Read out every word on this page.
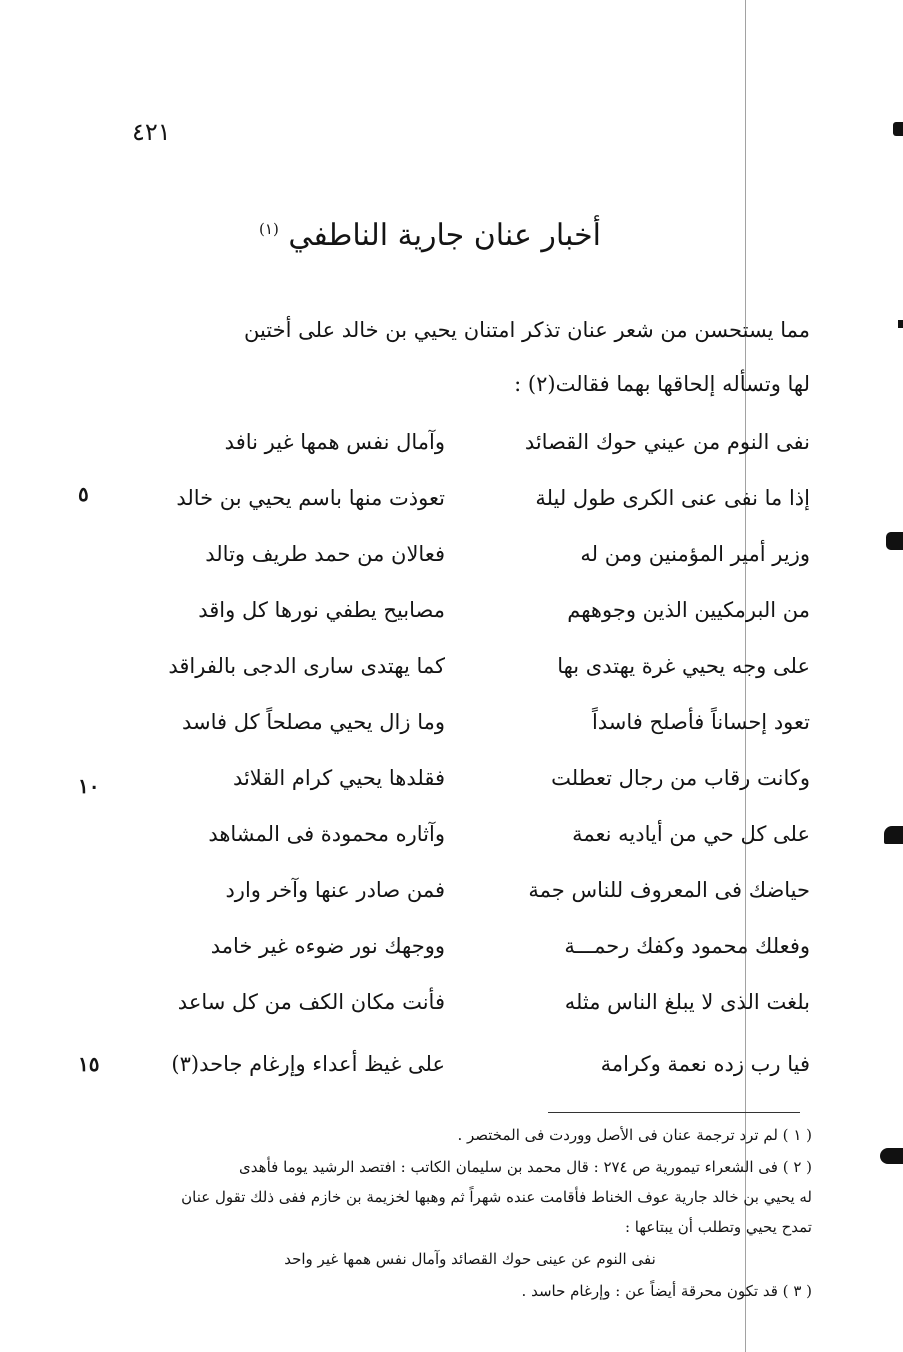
٤٢١
أخبار عنان جارية الناطفي $^{(١)}$
مما يستحسن من شعر عنان تذكر امتنان يحيي بن خالد على أختين
لها وتسأله إلحاقها بهما فقالت(٢) :
نفى النوم من عيني حوك القصائد
وآمال نفس همها غير نافد
إذا ما نفى عنى الكرى طول ليلة
تعوذت منها باسم يحيي بن خالد
وزير أمير المؤمنين ومن له
فعالان من حمد طريف وتالد
من البرمكيين الذين وجوههم
مصابيح يطفي نورها كل واقد
على وجه يحيي غرة يهتدى بها
كما يهتدى سارى الدجى بالفراقد
تعود إحساناً فأصلح فاسداً
وما زال يحيي مصلحاً كل فاسد
وكانت رقاب من رجال تعطلت
فقلدها يحيي كرام القلائد
على كل حي من أياديه نعمة
وآثاره محمودة فى المشاهد
حياضك فى المعروف للناس جمة
فمن صادر عنها وآخر وارد
وفعلك محمود وكفك رحمـــة
ووجهك نور ضوءه غير خامد
بلغت الذى لا يبلغ الناس مثله
فأنت مكان الكف من كل ساعد
فيا رب زده نعمة وكرامة
على غيظ أعداء وإرغام جاحد(٣)
٥
١٠
١٥
( ١ ) لم ترد ترجمة عنان فى الأصل ووردت فى المختصر .
( ٢ ) فى الشعراء تيمورية ص ٢٧٤ : قال محمد بن سليمان الكاتب : افتصد الرشيد يوما فأهدى
له يحيي بن خالد جارية عوف الخناط فأقامت عنده شهراً ثم وهبها لخزيمة بن خازم ففى ذلك تقول عنان
تمدح يحيي وتطلب أن يبتاعها :
نفى النوم عن عينى حوك القصائد وآمال نفس همها غير واحد
( ٣ ) قد تكون محرقة أيضاً عن : وإرغام حاسد .
